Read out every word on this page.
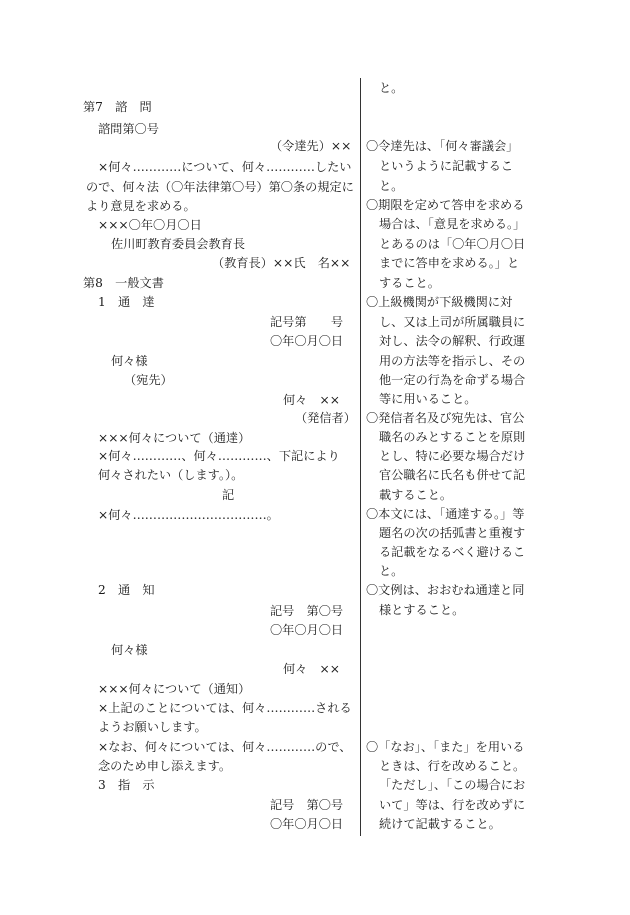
第7　諮　問
諮問第〇号
（令達先）××
×何々…………について、何々…………したい
ので、何々法（〇年法律第〇号）第〇条の規定に
より意見を求める。
×××〇年〇月〇日
佐川町教育委員会教育長
（教育長）××氏　名××
第8　一般文書
1　通　達
記号第　　号
〇年〇月〇日
何々様
（宛先）
何々　××
（発信者）
×××何々について（通達）
×何々…………、何々…………、下記により
何々されたい（します。）。
記
×何々……………………………。
2　通　知
記号　第〇号
〇年〇月〇日
何々様
何々　××
×××何々について（通知）
×上記のことについては、何々…………される
ようお願いします。
×なお、何々については、何々…………ので、
念のため申し添えます。
3　指　示
記号　第〇号
〇年〇月〇日
と。
〇令達先は、「何々審議会」
というように記載するこ
と。
〇期限を定めて答申を求める
場合は、「意見を求める。」
とあるのは「〇年〇月〇日
までに答申を求める。」と
すること。
〇上級機関が下級機関に対
し、又は上司が所属職員に
対し、法令の解釈、行政運
用の方法等を指示し、その
他一定の行為を命ずる場合
等に用いること。
〇発信者名及び宛先は、官公
職名のみとすることを原則
とし、特に必要な場合だけ
官公職名に氏名も併せて記
載すること。
〇本文には、「通達する。」等
題名の次の括弧書と重複す
る記載をなるべく避けるこ
と。
〇文例は、おおむね通達と同
様とすること。
〇「なお」、「また」を用いる
ときは、行を改めること。
「ただし」、「この場合にお
いて」等は、行を改めずに
続けて記載すること。
